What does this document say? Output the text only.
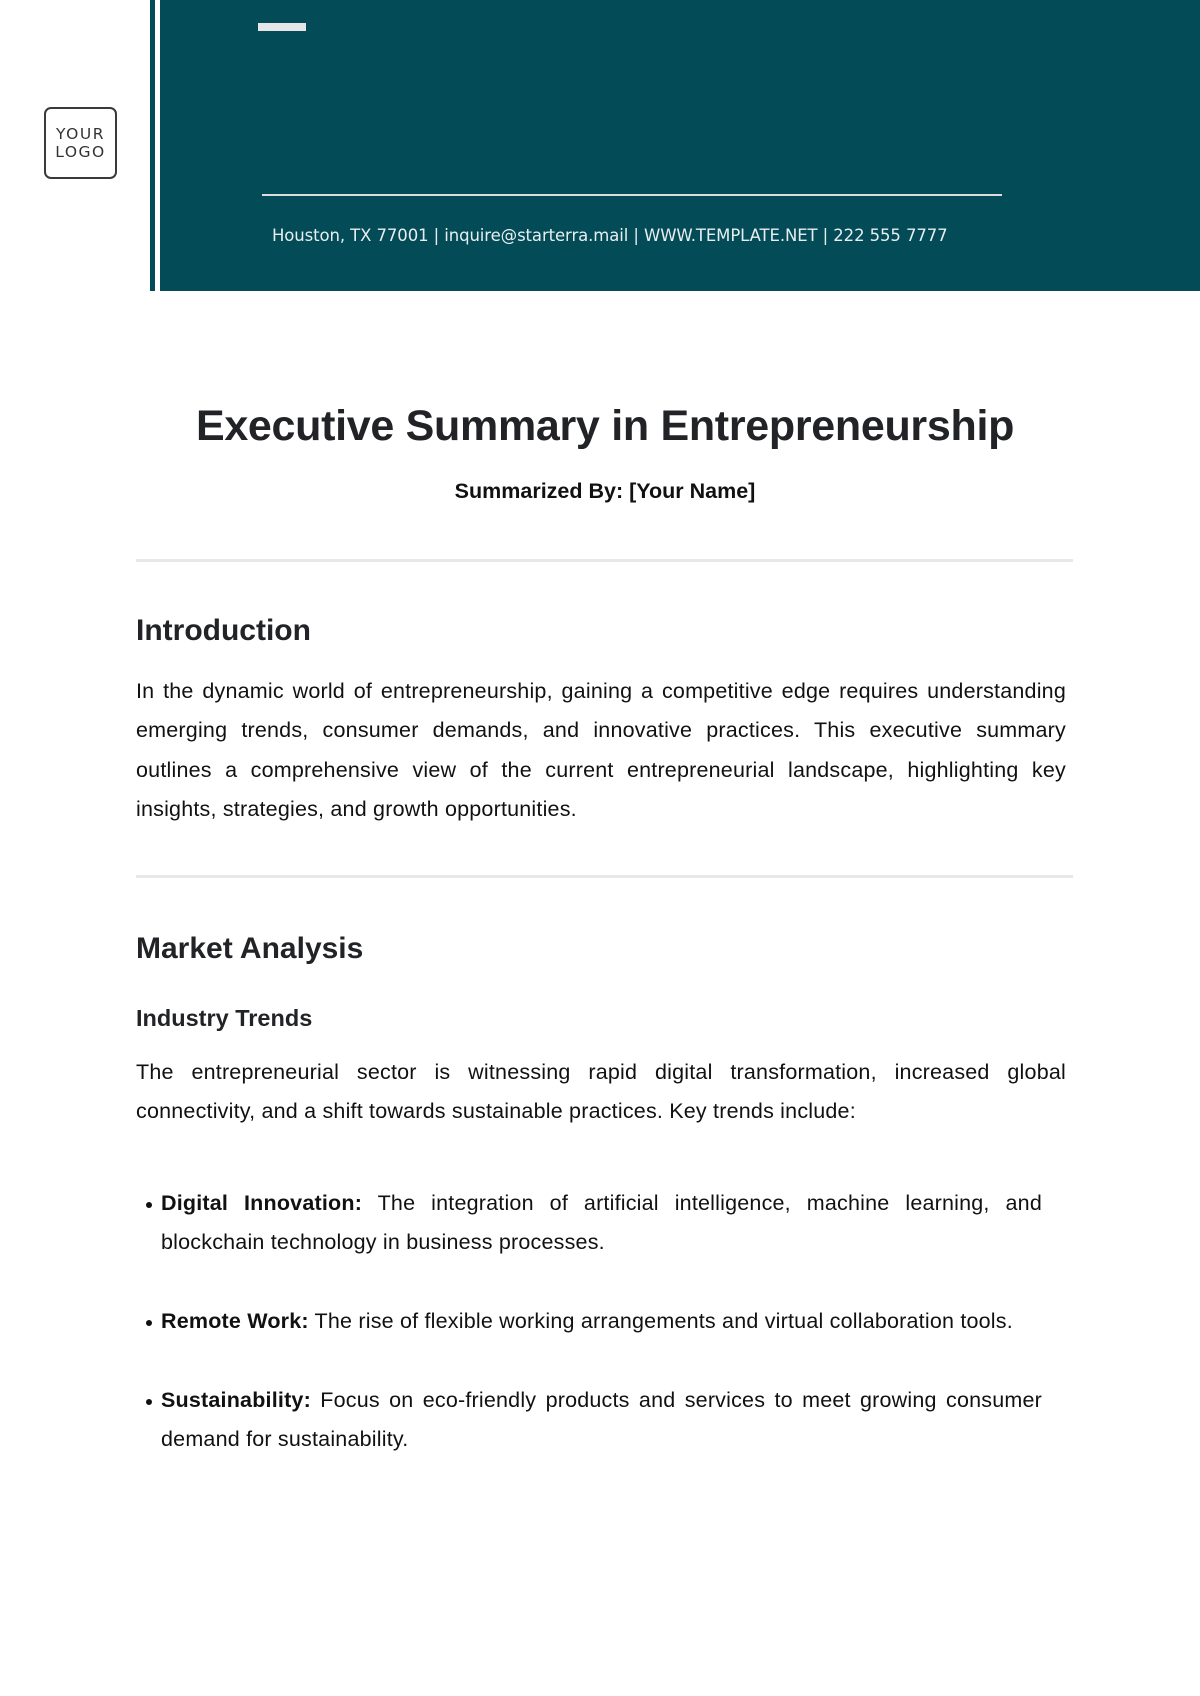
YOUR
LOGO
Houston, TX 77001 | inquire@starterra.mail | WWW.TEMPLATE.NET | 222 555 7777
Executive Summary in Entrepreneurship
Summarized By: [Your Name]
Introduction

In the dynamic world of entrepreneurship, gaining a competitive edge requires understanding emerging trends, consumer demands, and innovative practices. This executive summary outlines a comprehensive view of the current entrepreneurial landscape, highlighting key insights, strategies, and growth opportunities.

Market Analysis
Industry Trends

The entrepreneurial sector is witnessing rapid digital transformation, increased global connectivity, and a shift towards sustainable practices. Key trends include:

Digital Innovation: The integration of artificial intelligence, machine learning, and blockchain technology in business processes.
Remote Work: The rise of flexible working arrangements and virtual collaboration tools.
Sustainability: Focus on eco-friendly products and services to meet growing consumer demand for sustainability.
